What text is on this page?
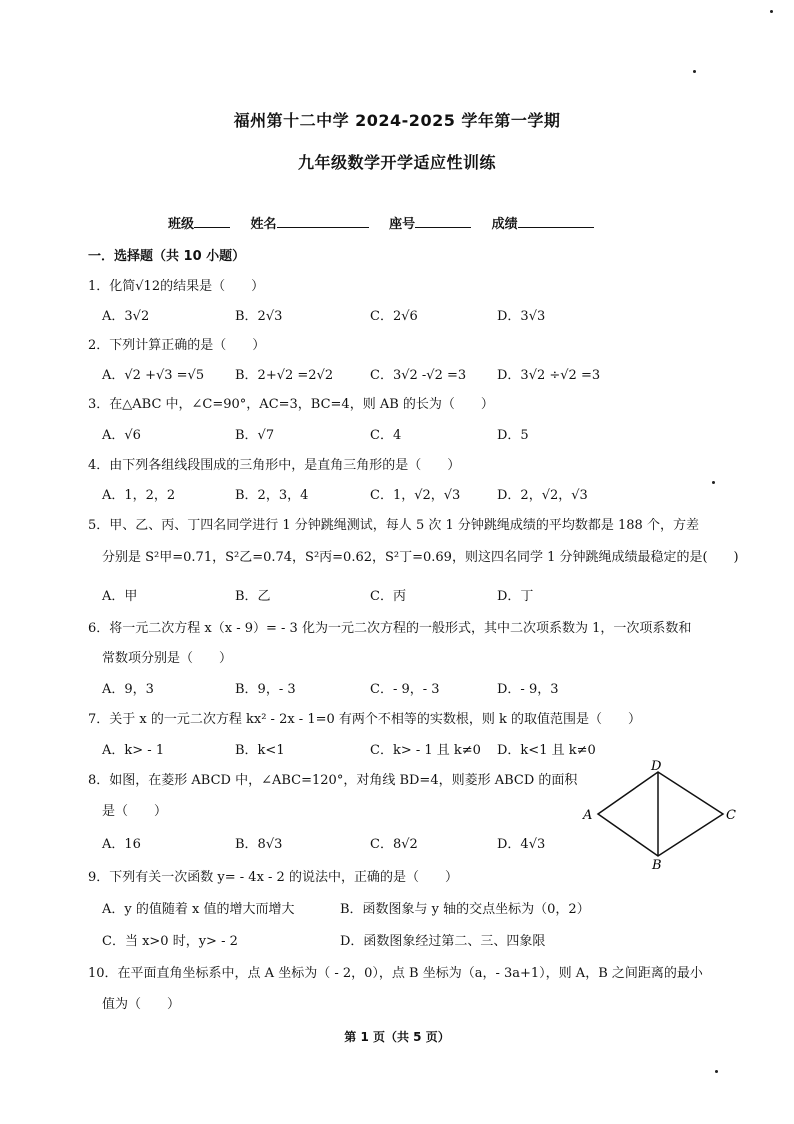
福州第十二中学 2024-2025 学年第一学期
九年级数学开学适应性训练
班级	姓名	座号	成绩
一．选择题（共 10 小题）
1．化简√12的结果是（　　）
A．3√2	B．2√3	C．2√6	D．3√3
2．下列计算正确的是（　　）
A．√2 +√3 =√5 B．2+√2 =2√2	C．3√2 -√2 =3 D．3√2 ÷√2 =3
3．在△ABC 中，∠C=90°，AC=3，BC=4，则 AB 的长为（　　）
A．√6	B．√7	C．4	D．5
4．由下列各组线段围成的三角形中，是直角三角形的是（　　）
A．1，2，2	B．2，3，4	C．1，√2，√3	D．2，√2，√3
5．甲、乙、丙、丁四名同学进行 1 分钟跳绳测试，每人 5 次 1 分钟跳绳成绩的平均数都是 188 个，方差
分别是 S²甲=0.71，S²乙=0.74，S²丙=0.62，S²丁=0.69，则这四名同学 1 分钟跳绳成绩最稳定的是(　　)
A．甲	B．乙	C．丙	D．丁
6．将一元二次方程 x（x - 9）= - 3 化为一元二次方程的一般形式，其中二次项系数为 1，一次项系数和
常数项分别是（　　）
A．9，3	B．9，- 3	C．- 9，- 3	D．- 9，3
7．关于 x 的一元二次方程 kx² - 2x - 1=0 有两个不相等的实数根，则 k 的取值范围是（　　）
A．k> - 1	B．k<1	C．k> - 1 且 k≠0 D．k<1 且 k≠0
8．如图，在菱形 ABCD 中，∠ABC=120°，对角线 BD=4，则菱形 ABCD 的面积
是（　　）
A．16	B．8√3	C．8√2	D．4√3
A
D
C
B
9．下列有关一次函数 y= - 4x - 2 的说法中，正确的是（　　）
A．y 的值随着 x 值的增大而增大	B．函数图象与 y 轴的交点坐标为（0，2）
C．当 x>0 时，y> - 2	D．函数图象经过第二、三、四象限
10．在平面直角坐标系中，点 A 坐标为（ - 2，0），点 B 坐标为（a，- 3a+1），则 A，B 之间距离的最小
值为（　　）
第 1 页（共 5 页）
